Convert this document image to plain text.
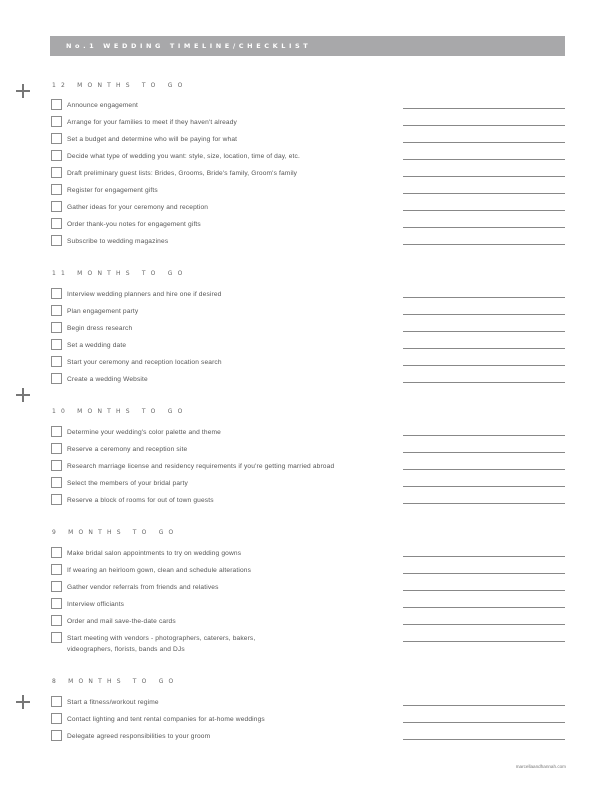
No.1 WEDDING TIMELINE/CHECKLIST
12 MONTHS TO GO
Announce engagement
Arrange for your families to meet if they haven't already
Set a budget and determine who will be paying for what
Decide what type of wedding you want: style, size, location, time of day, etc.
Draft preliminary guest lists: Brides, Grooms, Bride's family, Groom's family
Register for engagement gifts
Gather ideas for your ceremony and reception
Order thank-you notes for engagement gifts
Subscribe to wedding magazines
11 MONTHS TO GO
Interview wedding planners and hire one if desired
Plan engagement party
Begin dress research
Set a wedding date
Start your ceremony and reception location search
Create a wedding Website
10 MONTHS TO GO
Determine your wedding's color palette and theme
Reserve a ceremony and reception site
Research marriage license and residency requirements if you're getting married abroad
Select the members of your bridal party
Reserve a block of rooms for out of town guests
9 MONTHS TO GO
Make bridal salon appointments to try on wedding gowns
If wearing an heirloom gown, clean and schedule alterations
Gather vendor referrals from friends and relatives
Interview officiants
Order and mail save-the-date cards
Start meeting with vendors - photographers, caterers, bakers,
videographers, florists, bands and DJs
8 MONTHS TO GO
Start a fitness/workout regime
Contact lighting and tent rental companies for at-home weddings
Delegate agreed responsibilities to your groom
marcellaandhannah.com
